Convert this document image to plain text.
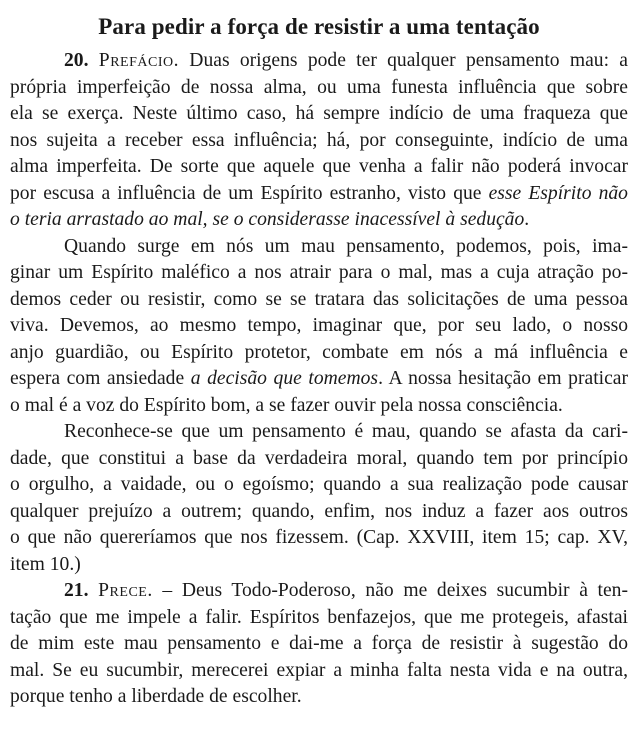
Para pedir a força de resistir a uma tentação
20. Prefácio. Duas origens pode ter qualquer pensamento mau: a
própria imperfeição de nossa alma, ou uma funesta influência que sobre
ela se exerça. Neste último caso, há sempre indício de uma fraqueza que
nos sujeita a receber essa influência; há, por conseguinte, indício de uma
alma imperfeita. De sorte que aquele que venha a falir não poderá invocar
por escusa a influência de um Espírito estranho, visto que esse Espírito não
o teria arrastado ao mal, se o considerasse inacessível à sedução.
Quando surge em nós um mau pensamento, podemos, pois, ima-
ginar um Espírito maléfico a nos atrair para o mal, mas a cuja atração po-
demos ceder ou resistir, como se se tratara das solicitações de uma pessoa
viva. Devemos, ao mesmo tempo, imaginar que, por seu lado, o nosso
anjo guardião, ou Espírito protetor, combate em nós a má influência e
espera com ansiedade a decisão que tomemos. A nossa hesitação em praticar
o mal é a voz do Espírito bom, a se fazer ouvir pela nossa consciência.
Reconhece-se que um pensamento é mau, quando se afasta da cari-
dade, que constitui a base da verdadeira moral, quando tem por princípio
o orgulho, a vaidade, ou o egoísmo; quando a sua realização pode causar
qualquer prejuízo a outrem; quando, enfim, nos induz a fazer aos outros
o que não quereríamos que nos fizessem. (Cap. XXVIII, item 15; cap. XV,
item 10.)
21. Prece. – Deus Todo-Poderoso, não me deixes sucumbir à ten-
tação que me impele a falir. Espíritos benfazejos, que me protegeis, afastai
de mim este mau pensamento e dai-me a força de resistir à sugestão do
mal. Se eu sucumbir, merecerei expiar a minha falta nesta vida e na outra,
porque tenho a liberdade de escolher.
